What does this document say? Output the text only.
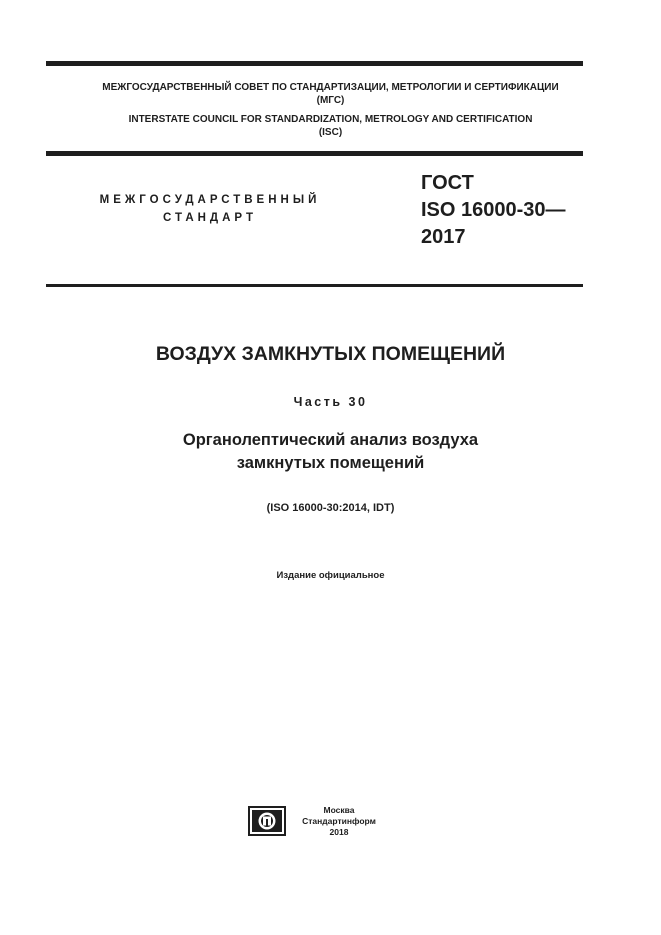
МЕЖГОСУДАРСТВЕННЫЙ СОВЕТ ПО СТАНДАРТИЗАЦИИ, МЕТРОЛОГИИ И СЕРТИФИКАЦИИ
(МГС)
INTERSTATE COUNCIL FOR STANDARDIZATION, METROLOGY AND CERTIFICATION
(ISC)
МЕЖГОСУДАРСТВЕННЫЙ
СТАНДАРТ
ГОСТ
ISO 16000-30—
2017
ВОЗДУХ ЗАМКНУТЫХ ПОМЕЩЕНИЙ
Часть 30
Органолептический анализ воздуха
замкнутых помещений
(ISO 16000-30:2014, IDT)
Издание официальное
Москва
Стандартинформ
2018
